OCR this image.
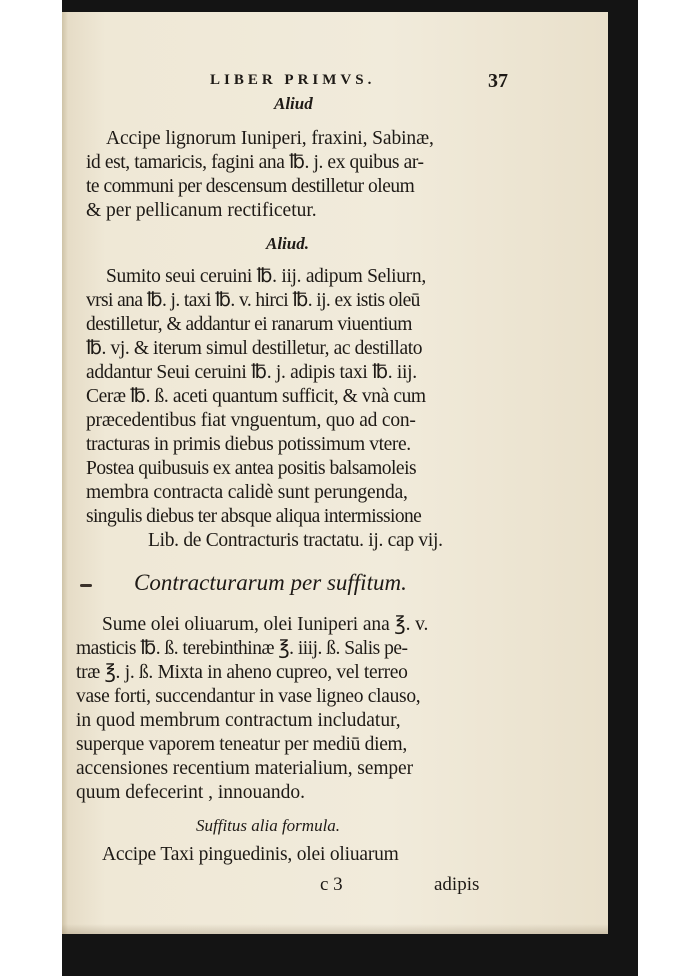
LIBER PRIMVS.	37
Aliud
Accipe lignorum Iuniperi, fraxini, Sabinæ,
id est, tamaricis, fagini ana ℔. j. ex quibus ar-
te communi per descensum destilletur oleum
& per pellicanum rectificetur.
Aliud.
Sumito seui ceruini ℔. iij. adipum Seliurn,
vrsi ana ℔. j. taxi ℔. v. hirci ℔. ij. ex istis oleū
destilletur, & addantur ei ranarum viuentium
℔. vj. & iterum simul destilletur, ac destillato
addantur Seui ceruini ℔. j. adipis taxi ℔. iij.
Ceræ ℔. ß. aceti quantum sufficit, & vnà cum
præcedentibus fiat vnguentum, quo ad con-
tracturas in primis diebus potissimum vtere.
Postea quibusuis ex antea positis balsamoleis
membra contracta calidè sunt perungenda,
singulis diebus ter absque aliqua intermissione
Lib. de Contracturis tractatu. ij. cap vij.
Contracturarum per suffitum.
Sume olei oliuarum, olei Iuniperi ana ℥. v.
masticis ℔. ß. terebinthinæ ℥. iiij. ß. Salis pe-
træ ℥. j. ß. Mixta in aheno cupreo, vel terreo
vase forti, succendantur in vase ligneo clauso,
in quod membrum contractum includatur,
superque vaporem teneatur per mediū diem,
accensiones recentium materialium, semper
quum defecerint , innouando.
Suffitus alia formula.
Accipe Taxi pinguedinis, olei oliuarum
c 3	adipis
